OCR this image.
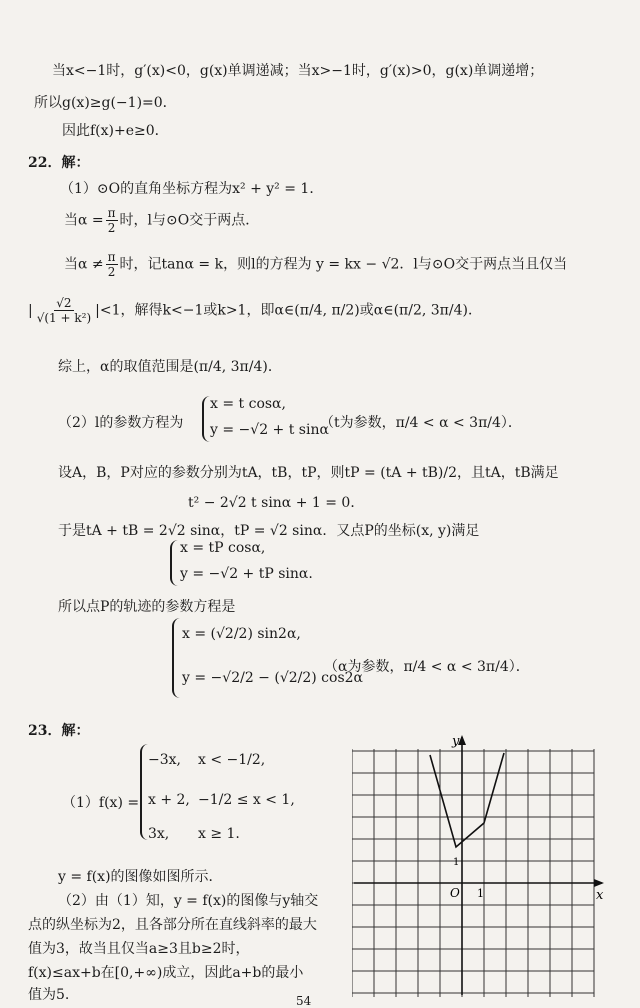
当x<−1时，g′(x)<0，g(x)单调递减；当x>−1时，g′(x)>0，g(x)单调递增；
所以g(x)≥g(−1)=0．
因此f(x)+e≥0．
22．解：
（1）⊙O的直角坐标方程为x² + y² = 1．
当$\alpha = \frac{\pi}{2}$ 时，l与⊙O交于两点．
当$\alpha \ne \frac{\pi}{2}$ 时，记tanα = k，则l的方程为 y = kx − √2．l与⊙O交于两点当且仅当
| $\frac{√2}{\text{√(1 + k²)}} |<1$，解得k<−1或k>1，即α∈(π/4, π/2)或α∈(π/2, 3π/4)．
综上，α的取值范围是(π/4, 3π/4)．
（2）l的参数方程为
x = t cosα,
y = −√2 + t sinα
（t为参数，π/4 < α < 3π/4）．
设A，B，P对应的参数分别为tA，tB，tP，则tP = (tA + tB)/2，且tA，tB满足
t² − 2√2 t sinα + 1 = 0．
于是tA + tB = 2√2 sinα，tP = √2 sinα．又点P的坐标(x, y)满足
x = tP cosα,
y = −√2 + tP sinα.
所以点P的轨迹的参数方程是
x = (√2/2) sin2α,
y = −√2/2 − (√2/2) cos2α
（α为参数，π/4 < α < 3π/4）．
23．解：
（1）f(x) =
−3x, x < −1/2,
x + 2, −1/2 ≤ x < 1,
3x, x ≥ 1.
y = f(x)的图像如图所示．
（2）由（1）知，y = f(x)的图像与y轴交
点的纵坐标为2，且各部分所在直线斜率的最大
值为3，故当且仅当a≥3且b≥2时，
f(x)≤ax+b在[0,+∞)成立，因此a+b的最小
值为5.
y
x
O 1
1
54
